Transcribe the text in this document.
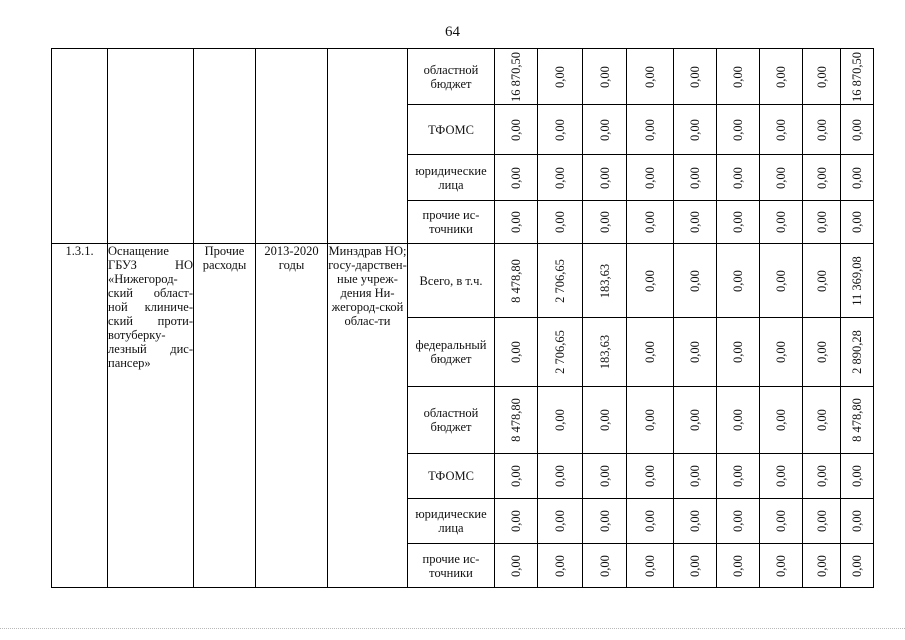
64
					областной бюджет	16 870,50	0,00	0,00	0,00	0,00	0,00	0,00	0,00	16 870,50

					ТФОМС	0,00	0,00	0,00	0,00	0,00	0,00	0,00	0,00	0,00

					юридические лица	0,00	0,00	0,00	0,00	0,00	0,00	0,00	0,00	0,00

					прочие ис-точники	0,00	0,00	0,00	0,00	0,00	0,00	0,00	0,00	0,00

1.3.1.	Оснащение ГБУЗ НО «Нижегород-ский област-ной клиниче-ский проти-вотуберку-лезный дис-пансер»	Прочие расходы	2013-2020 годы	Минздрав НО; госу-дарствен-ные учреж-дения Ни-жегород-ской облас-ти	Всего, в т.ч.	8 478,80	2 706,65	183,63	0,00	0,00	0,00	0,00	0,00	11 369,08

					федеральный бюджет	0,00	2 706,65	183,63	0,00	0,00	0,00	0,00	0,00	2 890,28

					областной бюджет	8 478,80	0,00	0,00	0,00	0,00	0,00	0,00	0,00	8 478,80

					ТФОМС	0,00	0,00	0,00	0,00	0,00	0,00	0,00	0,00	0,00

					юридические лица	0,00	0,00	0,00	0,00	0,00	0,00	0,00	0,00	0,00

					прочие ис-точники	0,00	0,00	0,00	0,00	0,00	0,00	0,00	0,00	0,00
